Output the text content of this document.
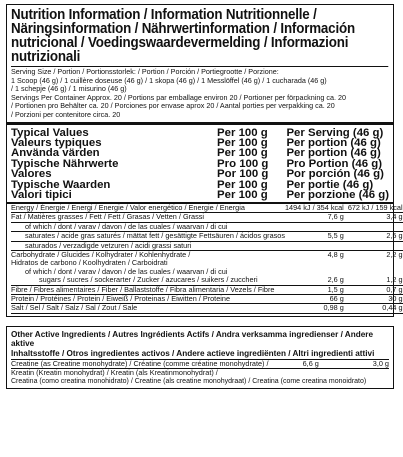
Nutrition Information / Information Nutritionnelle /
Näringsinformation / Nährwertinformation / Información
nutricional / Voedingswaardevermelding / Informazioni nutrizionali
Serving Size / Portion / Portionsstorlek: / Portion / Porción / Portiegrootte / Porzione:
1 Scoop (46 g) / 1 cuillère doseuse (46 g) / 1 skopa (46 g) / 1 Messlöffel (46 g) / 1 cucharada (46 g)
/ 1 schepje (46 g) / 1 misurino (46 g)
Servings Per Container Approx. 20 / Portions par emballage environ 20 / Portioner per förpackning ca. 20
/ Portionen pro Behälter ca. 20 / Porciones por envase aprox 20 / Aantal porties per verpakking ca. 20
/ Porzioni per contenitore circa. 20
Typical Values	Per 100 g	Per Serving (46 g)
Valeurs typiques	Per 100 g	Per portion (46 g)
Använda värden	Per 100 g	Per portion (46 g)
Typische Nährwerte	Pro 100 g	Pro Portion (46 g)
Valores	Por 100 g	Por porción (46 g)
Typische Waarden	Per 100 g	Per portie (46 g)
Valori tipici	Per 100 g	Per porzione (46 g)
Energy / Énergie / Energi / Energie / Valor energético / Energie / Energia	1494 kJ / 354 kcal	672 kJ / 159 kcal
Fat / Matières grasses / Fett / Fett / Grasas / Vetten / Grassi	7,6 g	3,4 g
of which / dont / varav / davon / de las cuales / waarvan / di cui		
saturates / acide gras saturés / mättat fett / gesättigte Fettsäuren / ácidos grasos	5,5 g	2,5 g
saturados / verzadigde vetzuren / acidi grassi saturi		
Carbohydrate / Glucides / Kolhydrater / Kohlenhydrate /	4,8 g	2,2 g
Hidratos de carbono / Koolhydraten / Carboidrati		
of which / dont / varav / davon / de las cuales / waarvan / di cui		
sugars / sucres / sockerarter / Zucker / azucares / suikers / zuccheri	2,6 g	1,2 g
Fibre / Fibres alimentaires / Fiber / Ballaststoffe / Fibra alimentaria / Vezels / Fibre	1,5 g	0,7 g
Protein / Protéines / Protein / Eiweiß / Proteinas / Eiwitten / Proteine	66 g	30 g
Salt / Sel / Salt / Salz / Sal / Zout / Sale	0,98 g	0,44 g
Other Active Ingredients / Autres Ingrédients Actifs / Andra verksamma ingredienser / Andere aktive
Inhaltsstoffe / Otros ingredientes activos / Andere actieve ingrediënten / Altri ingredienti attivi
Creatine (as Creatine monohydrate) / Créatine (comme créatine monohydrate) /	6,6 g	3,0 g
Kreatin (Kreatin monohydrat) / Kreatin (als Kreatinmonohydrat) /		
Creatina (como creatina monohidrato) / Creatine (als creatine monohydraat) / Creatina (come creatina monoidrato)		
